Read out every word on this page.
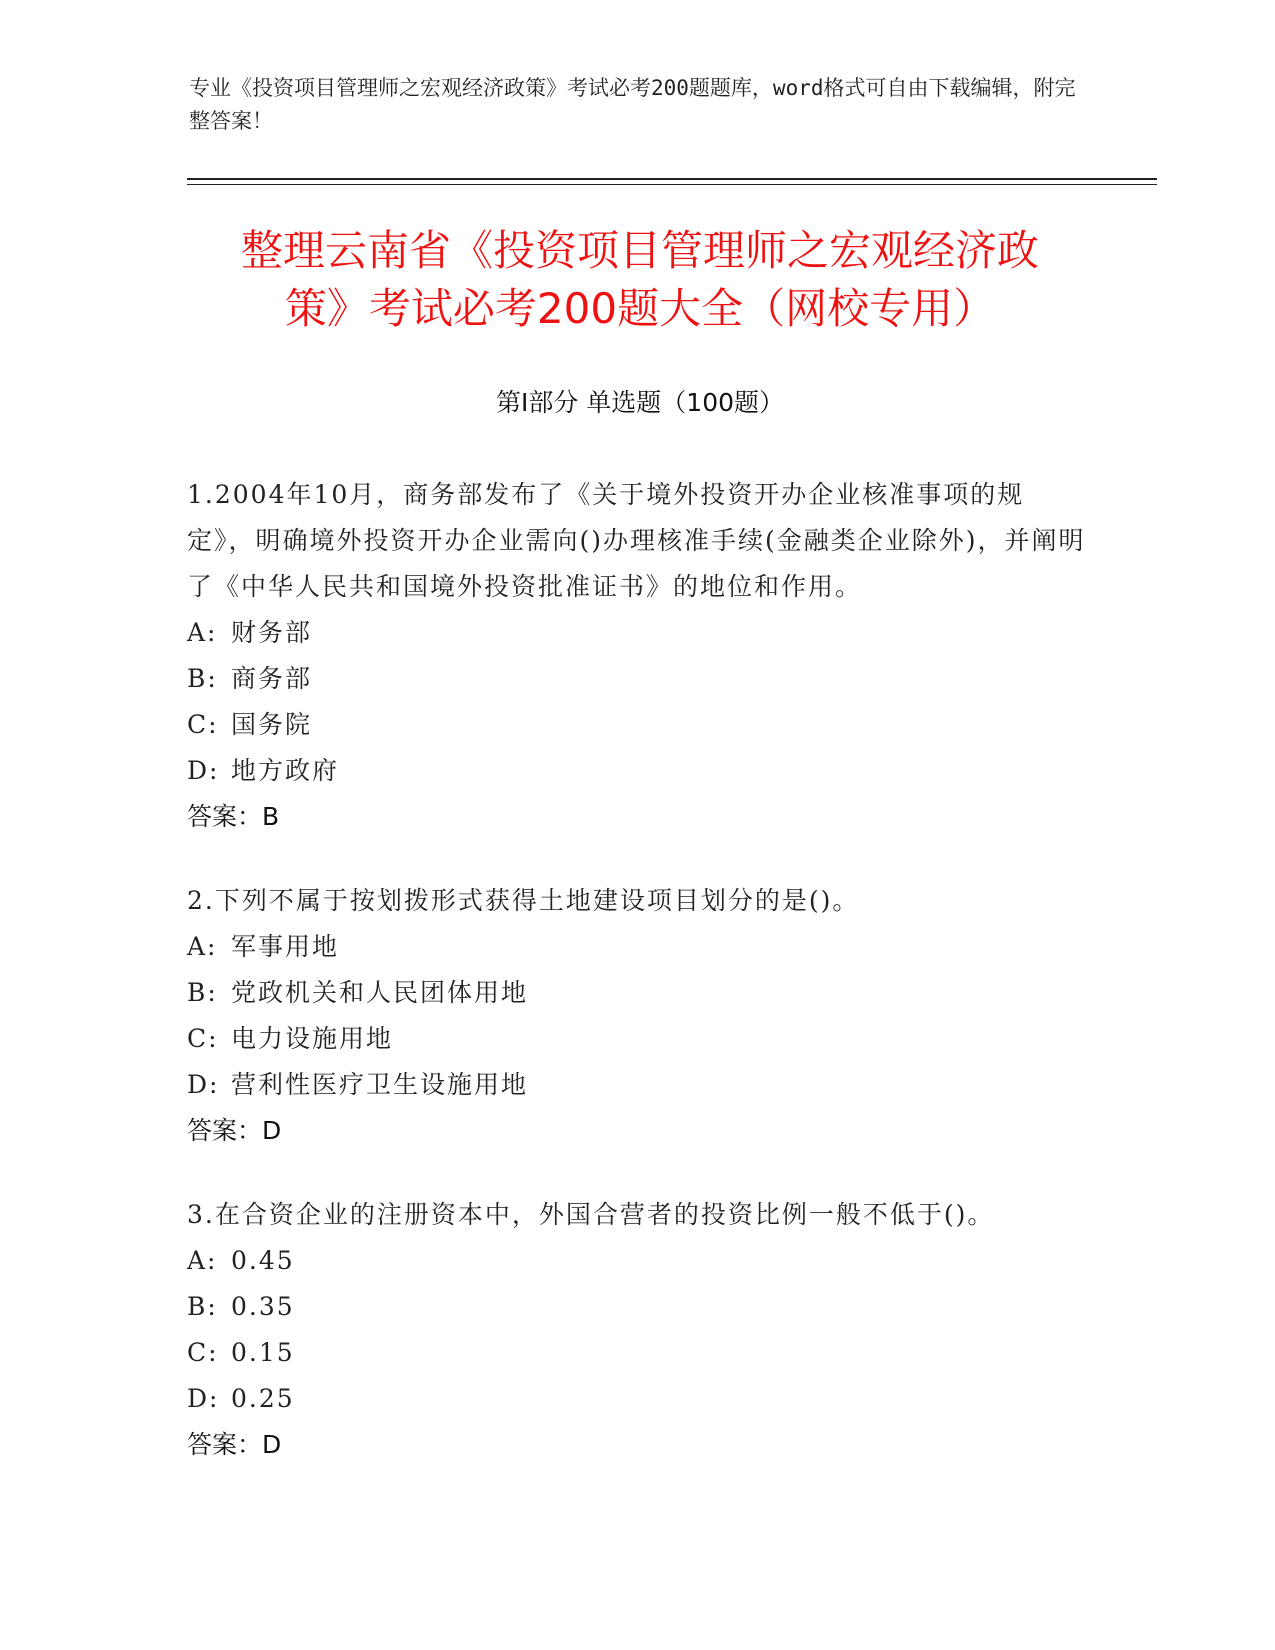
专业《投资项目管理师之宏观经济政策》考试必考200题题库，word格式可自由下载编辑，附完整答案！
整理云南省《投资项目管理师之宏观经济政
策》考试必考200题大全（网校专用）
第Ⅰ部分 单选题（100题）
1.2004年10月，商务部发布了《关于境外投资开办企业核准事项的规定》，明确境外投资开办企业需向()办理核准手续(金融类企业除外)，并阐明了《中华人民共和国境外投资批准证书》的地位和作用。
A: 财务部
B: 商务部
C: 国务院
D: 地方政府
答案：B
2.下列不属于按划拨形式获得土地建设项目划分的是()。
A: 军事用地
B: 党政机关和人民团体用地
C: 电力设施用地
D: 营利性医疗卫生设施用地
答案：D
3.在合资企业的注册资本中，外国合营者的投资比例一般不低于()。
A: 0.45
B: 0.35
C: 0.15
D: 0.25
答案：D
